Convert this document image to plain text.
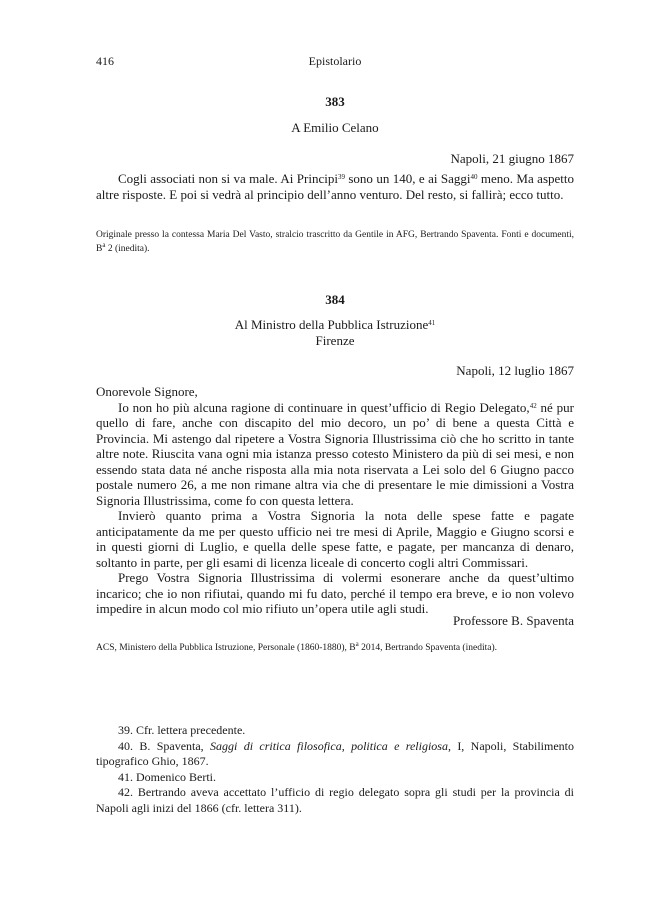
416	Epistolario
383
A Emilio Celano
Napoli, 21 giugno 1867
Cogli associati non si va male. Ai Principi$^{39}$ sono un 140, e ai Saggi$^{40}$ meno. Ma aspetto altre risposte. E poi si vedrà al principio dell’anno venturo. Del resto, si fallirà; ecco tutto.
Originale presso la contessa Maria Del Vasto, stralcio trascritto da Gentile in AFG, Bertrando Spaventa. Fonti e documenti, $B^a$ 2 (inedita).
384
Al Ministro della Pubblica Istruzione$^{41}$
Firenze
Napoli, 12 luglio 1867

Onorevole Signore,

Io non ho più alcuna ragione di continuare in quest’ufficio di Regio Delegato,$^{42}$ né pur quello di fare, anche con discapito del mio decoro, un po’ di bene a questa Città e Provincia. Mi astengo dal ripetere a Vostra Signoria Illustrissima ciò che ho scritto in tante altre note. Riuscita vana ogni mia istanza presso cotesto Ministero da più di sei mesi, e non essendo stata data né anche risposta alla mia nota riservata a Lei solo del 6 Giugno pacco postale numero 26, a me non rimane altra via che di presentare le mie dimissioni a Vostra Signoria Illustrissima, come fo con questa lettera.

Invierò quanto prima a Vostra Signoria la nota delle spese fatte e pagate anticipatamente da me per questo ufficio nei tre mesi di Aprile, Maggio e Giugno scorsi e in questi giorni di Luglio, e quella delle spese fatte, e pagate, per mancanza di denaro, soltanto in parte, per gli esami di licenza liceale di concerto cogli altri Commissari.

Prego Vostra Signoria Illustrissima di volermi esonerare anche da quest’ultimo incarico; che io non rifiutai, quando mi fu dato, perché il tempo era breve, e io non volevo impedire in alcun modo col mio rifiuto un’opera utile agli studi.

Professore B. Spaventa
ACS, Ministero della Pubblica Istruzione, Personale (1860-1880), $B^a$ 2014, Bertrando Spaventa (inedita).

39. Cfr. lettera precedente.

40. B. Spaventa, Saggi di critica filosofica, politica e religiosa, I, Napoli, Stabilimento tipografico Ghio, 1867.

41. Domenico Berti.

42. Bertrando aveva accettato l’ufficio di regio delegato sopra gli studi per la provincia di Napoli agli inizi del 1866 (cfr. lettera 311).
